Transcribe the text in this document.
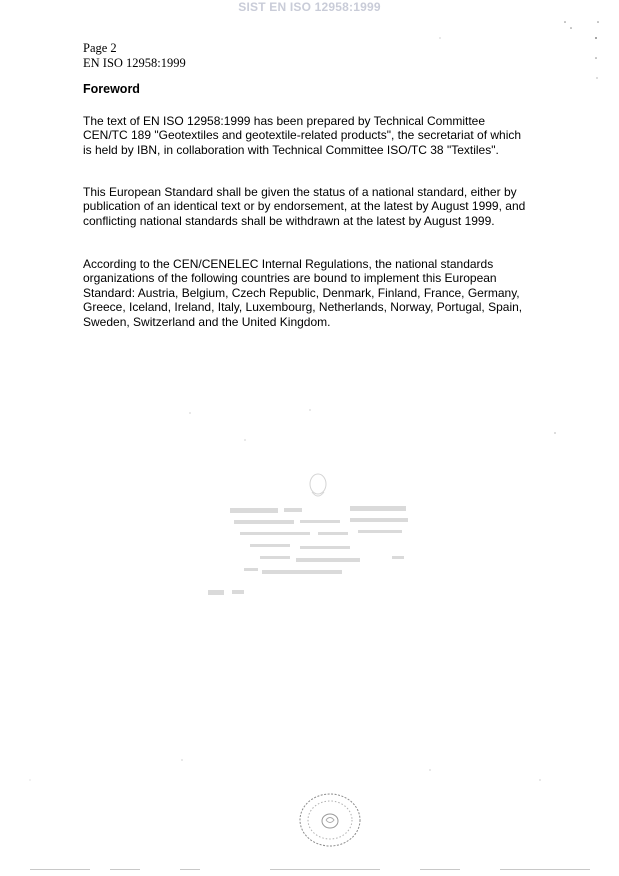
SIST EN ISO 12958:1999
Page 2
EN ISO 12958:1999
Foreword

The text of EN ISO 12958:1999 has been prepared by Technical Committee CEN/TC 189 "Geotextiles and geotextile-related products", the secretariat of which is held by IBN, in collaboration with Technical Committee ISO/TC 38 "Textiles".

This European Standard shall be given the status of a national standard, either by publication of an identical text or by endorsement, at the latest by August 1999, and conflicting national standards shall be withdrawn at the latest by August 1999.

According to the CEN/CENELEC Internal Regulations, the national standards organizations of the following countries are bound to implement this European Standard: Austria, Belgium, Czech Republic, Denmark, Finland, France, Germany, Greece, Iceland, Ireland, Italy, Luxembourg, Netherlands, Norway, Portugal, Spain, Sweden, Switzerland and the United Kingdom.
